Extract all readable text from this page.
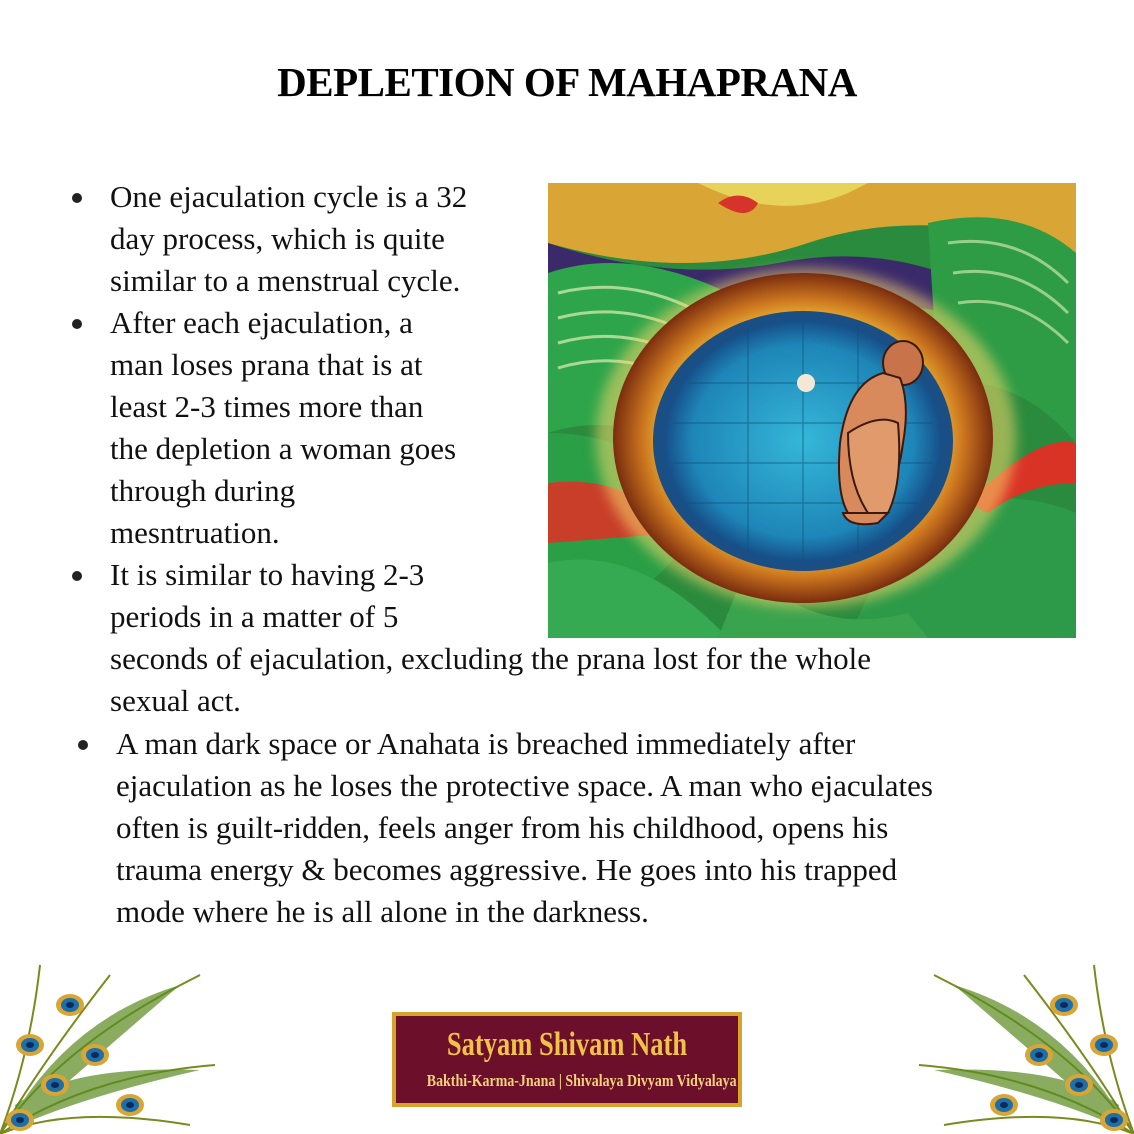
DEPLETION OF MAHAPRANA
One ejaculation cycle is a 32
day process, which is quite
similar to a menstrual cycle.
After each ejaculation, a
man loses prana that is at
least 2-3 times more than
the depletion a woman goes
through during
mesntruation.
It is similar to having 2-3
periods in a matter of 5
seconds of ejaculation, excluding the prana lost for the whole
sexual act.
A man dark space or Anahata is breached immediately after
ejaculation as he loses the protective space. A man who ejaculates
often is guilt-ridden, feels anger from his childhood, opens his
trauma energy & becomes aggressive. He goes into his trapped
mode where he is all alone in the darkness.
Satyam Shivam Nath
Bakthi-Karma-Jnana | Shivalaya Divyam Vidyalaya
